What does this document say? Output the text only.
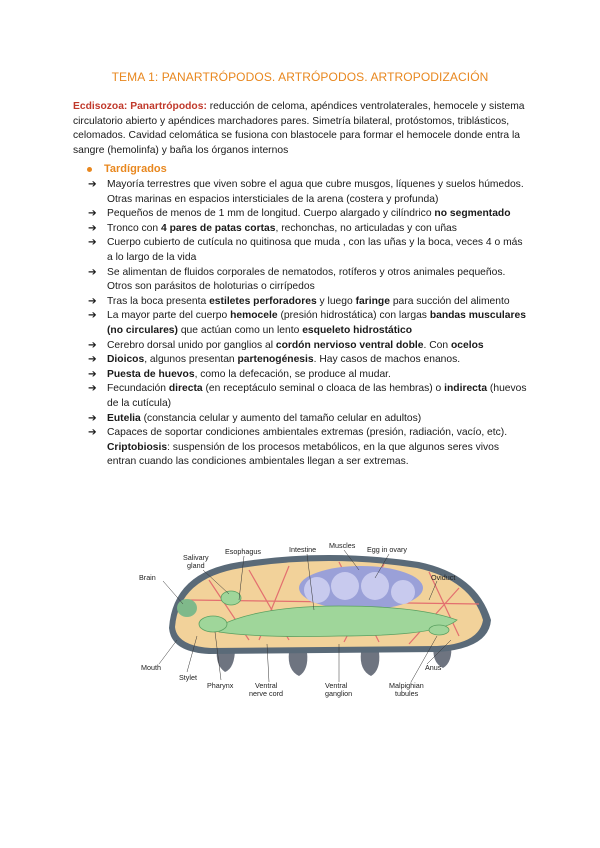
TEMA 1: PANARTRÓPODOS. ARTRÓPODOS. ARTROPODIZACIÓN
Ecdisozoa: Panartrópodos: reducción de celoma, apéndices ventrolaterales, hemocele y sistema circulatorio abierto y apéndices marchadores pares. Simetría bilateral, protóstomos, triblásticos, celomados. Cavidad celomática se fusiona con blastocele para formar el hemocele donde entra la sangre (hemolinfa) y baña los órganos internos
Tardígrados
➔	Mayoría terrestres que viven sobre el agua que cubre musgos, líquenes y suelos húmedos. Otras marinas en espacios intersticiales de la arena (costera y profunda)
➔	Pequeños de menos de 1 mm de longitud. Cuerpo alargado y cilíndrico no segmentado
➔	Tronco con 4 pares de patas cortas, rechonchas, no articuladas y con uñas
➔	Cuerpo cubierto de cutícula no quitinosa que muda , con las uñas y la boca, veces 4 o más a lo largo de la vida
➔	Se alimentan de fluidos corporales de nematodos, rotíferos y otros animales pequeños. Otros son parásitos de holoturias o cirrípedos
➔	Tras la boca presenta estiletes perforadores y luego faringe para succión del alimento
➔	La mayor parte del cuerpo hemocele (presión hidrostática) con largas bandas musculares (no circulares) que actúan como un lento esqueleto hidrostático
➔	Cerebro dorsal unido por ganglios al cordón nervioso ventral doble. Con ocelos
➔	Dioicos, algunos presentan partenogénesis. Hay casos de machos enanos.
➔	Puesta de huevos, como la defecación, se produce al mudar.
➔	Fecundación directa (en receptáculo seminal o cloaca de las hembras) o indirecta (huevos de la cutícula)
➔	Eutelia (constancia celular y aumento del tamaño celular en adultos)
➔	Capaces de soportar condiciones ambientales extremas (presión, radiación, vacío, etc).
Criptobiosis: suspensión de los procesos metabólicos, en la que algunos seres vivos entran cuando las condiciones ambientales llegan a ser extremas.
Salivary
gland
Esophagus	Intestine Muscles Egg in ovary
Brain	Oviduct
Mouth	Anus
Stylet
Pharynx	Ventral
nerve cord
Ventral
ganglion
Malpighian
tubules
